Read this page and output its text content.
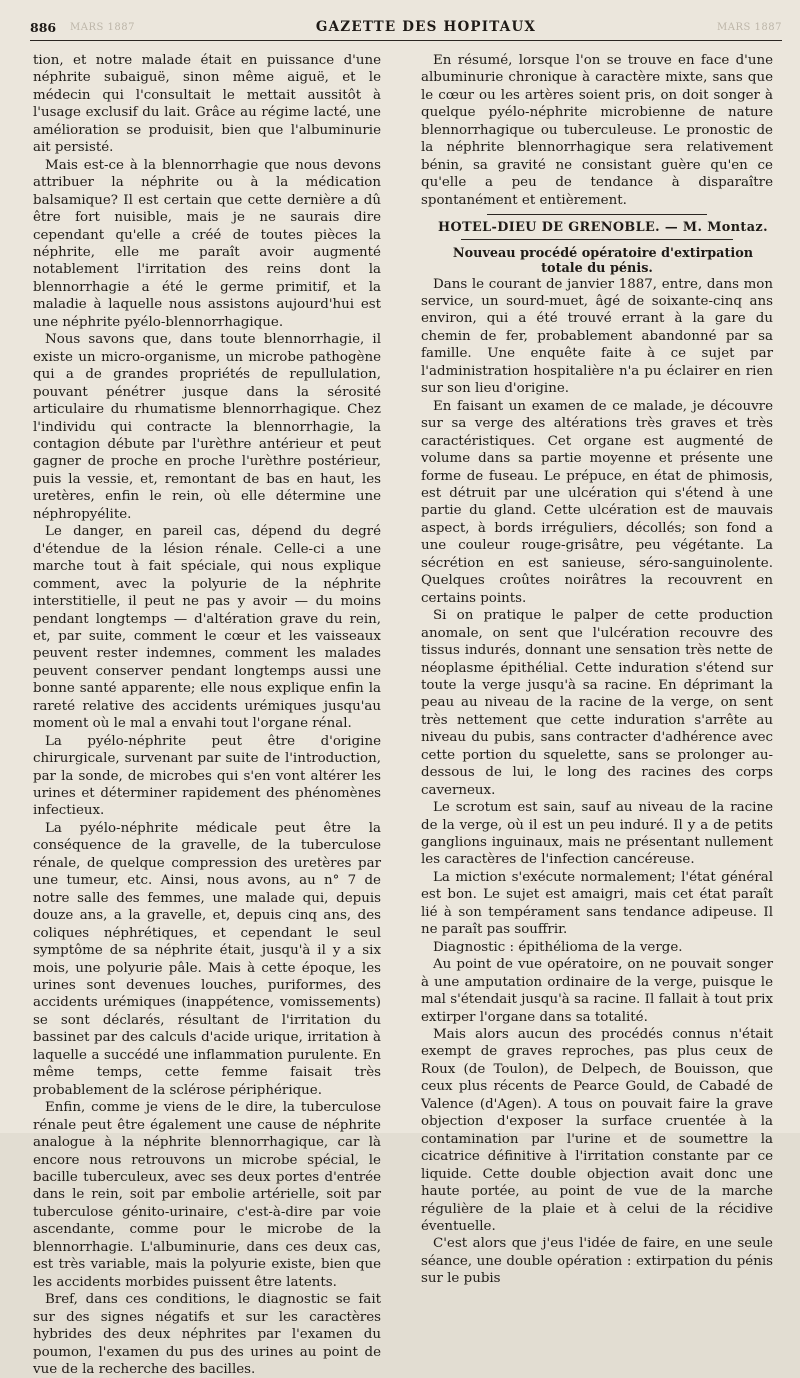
886	MARS 1887	GAZETTE DES HOPITAUX	MARS 1887

tion, et notre malade était en puissance d'une néphrite subaiguë, sinon même aiguë, et le médecin qui l'consultait le mettait aussitôt à l'usage exclusif du lait. Grâce au régime lacté, une amélioration se produisit, bien que l'albuminurie ait persisté.

Mais est-ce à la blennorrhagie que nous devons attribuer la néphrite ou à la médication balsamique? Il est certain que cette dernière a dû être fort nuisible, mais je ne saurais dire cependant qu'elle a créé de toutes pièces la néphrite, elle me paraît avoir augmenté notablement l'irritation des reins dont la blennorrhagie a été le germe primitif, et la maladie à laquelle nous assistons aujourd'hui est une néphrite pyélo-blennorrhagique.

Nous savons que, dans toute blennorrhagie, il existe un micro-organisme, un microbe pathogène qui a de grandes propriétés de repullulation, pouvant pénétrer jusque dans la sérosité articulaire du rhumatisme blennorrhagique. Chez l'individu qui contracte la blennorrhagie, la contagion débute par l'urèthre antérieur et peut gagner de proche en proche l'urèthre postérieur, puis la vessie, et, remontant de bas en haut, les uretères, enfin le rein, où elle détermine une néphropyélite.

Le danger, en pareil cas, dépend du degré d'étendue de la lésion rénale. Celle-ci a une marche tout à fait spéciale, qui nous explique comment, avec la polyurie de la néphrite interstitielle, il peut ne pas y avoir — du moins pendant longtemps — d'altération grave du rein, et, par suite, comment le cœur et les vaisseaux peuvent rester indemnes, comment les malades peuvent conserver pendant longtemps aussi une bonne santé apparente; elle nous explique enfin la rareté relative des accidents urémiques jusqu'au moment où le mal a envahi tout l'organe rénal.

La pyélo-néphrite peut être d'origine chirurgicale, survenant par suite de l'introduction, par la sonde, de microbes qui s'en vont altérer les urines et déterminer rapidement des phénomènes infectieux.

La pyélo-néphrite médicale peut être la conséquence de la gravelle, de la tuberculose rénale, de quelque compression des uretères par une tumeur, etc. Ainsi, nous avons, au n° 7 de notre salle des femmes, une malade qui, depuis douze ans, a la gravelle, et, depuis cinq ans, des coliques néphrétiques, et cependant le seul symptôme de sa néphrite était, jusqu'à il y a six mois, une polyurie pâle. Mais à cette époque, les urines sont devenues louches, puriformes, des accidents urémiques (inappétence, vomissements) se sont déclarés, résultant de l'irritation du bassinet par des calculs d'acide urique, irritation à laquelle a succédé une inflammation purulente. En même temps, cette femme faisait très probablement de la sclérose périphérique.

Enfin, comme je viens de le dire, la tuberculose rénale peut être également une cause de néphrite analogue à la néphrite blennorrhagique, car là encore nous retrouvons un microbe spécial, le bacille tuberculeux, avec ses deux portes d'entrée dans le rein, soit par embolie artérielle, soit par tuberculose génito-urinaire, c'est-à-dire par voie ascendante, comme pour le microbe de la blennorrhagie. L'albuminurie, dans ces deux cas, est très variable, mais la polyurie existe, bien que les accidents morbides puissent être latents.

Bref, dans ces conditions, le diagnostic se fait sur des signes négatifs et sur les caractères hybrides des deux néphrites par l'examen du poumon, l'examen du pus des urines au point de vue de la recherche des bacilles.

En résumé, lorsque l'on se trouve en face d'une albuminurie chronique à caractère mixte, sans que le cœur ou les artères soient pris, on doit songer à quelque pyélo-néphrite microbienne de nature blennorrhagique ou tuberculeuse. Le pronostic de la néphrite blennorrhagique sera relativement bénin, sa gravité ne consistant guère qu'en ce qu'elle a peu de tendance à disparaître spontanément et entièrement.

HOTEL-DIEU DE GRENOBLE. — M. Montaz.

Nouveau procédé opératoire d'extirpation totale du pénis.

Dans le courant de janvier 1887, entre, dans mon service, un sourd-muet, âgé de soixante-cinq ans environ, qui a été trouvé errant à la gare du chemin de fer, probablement abandonné par sa famille. Une enquête faite à ce sujet par l'administration hospitalière n'a pu éclairer en rien sur son lieu d'origine.

En faisant un examen de ce malade, je découvre sur sa verge des altérations très graves et très caractéristiques. Cet organe est augmenté de volume dans sa partie moyenne et présente une forme de fuseau. Le prépuce, en état de phimosis, est détruit par une ulcération qui s'étend à une partie du gland. Cette ulcération est de mauvais aspect, à bords irréguliers, décollés; son fond a une couleur rouge-grisâtre, peu végétante. La sécrétion en est sanieuse, séro-sanguinolente. Quelques croûtes noirâtres la recouvrent en certains points.

Si on pratique le palper de cette production anomale, on sent que l'ulcération recouvre des tissus indurés, donnant une sensation très nette de néoplasme épithélial. Cette induration s'étend sur toute la verge jusqu'à sa racine. En déprimant la peau au niveau de la racine de la verge, on sent très nettement que cette induration s'arrête au niveau du pubis, sans contracter d'adhérence avec cette portion du squelette, sans se prolonger au-dessous de lui, le long des racines des corps caverneux.

Le scrotum est sain, sauf au niveau de la racine de la verge, où il est un peu induré. Il y a de petits ganglions inguinaux, mais ne présentant nullement les caractères de l'infection cancéreuse.

La miction s'exécute normalement; l'état général est bon. Le sujet est amaigri, mais cet état paraît lié à son tempérament sans tendance adipeuse. Il ne paraît pas souffrir.

Diagnostic : épithélioma de la verge.

Au point de vue opératoire, on ne pouvait songer à une amputation ordinaire de la verge, puisque le mal s'étendait jusqu'à sa racine. Il fallait à tout prix extirper l'organe dans sa totalité.

Mais alors aucun des procédés connus n'était exempt de graves reproches, pas plus ceux de Roux (de Toulon), de Delpech, de Bouisson, que ceux plus récents de Pearce Gould, de Cabadé de Valence (d'Agen). A tous on pouvait faire la grave objection d'exposer la surface cruentée à la contamination par l'urine et de soumettre la cicatrice définitive à l'irritation constante par ce liquide. Cette double objection avait donc une haute portée, au point de vue de la marche régulière de la plaie et à celui de la récidive éventuelle.

C'est alors que j'eus l'idée de faire, en une seule séance, une double opération : extirpation du pénis sur le pubis
